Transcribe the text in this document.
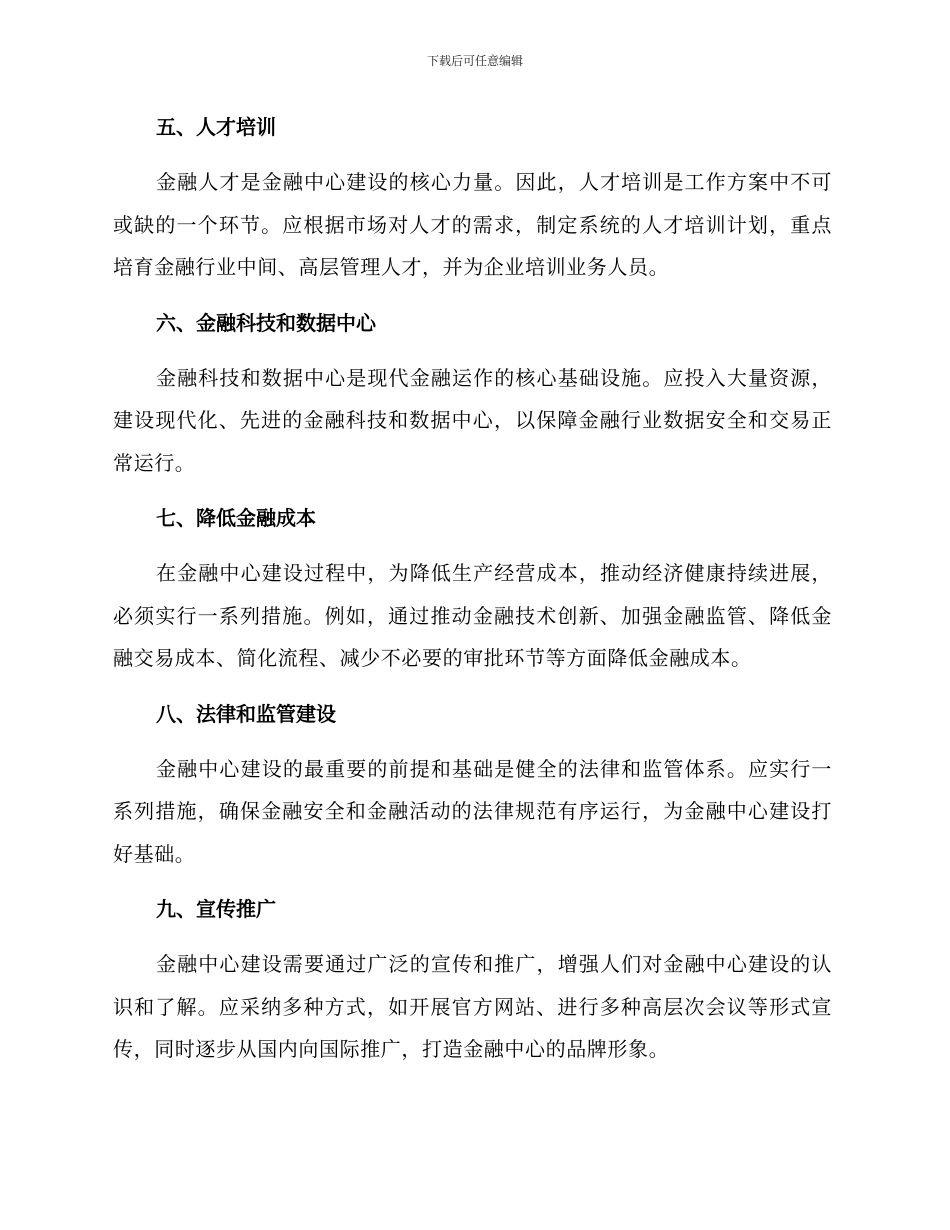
下载后可任意编辑
五、人才培训

金融人才是金融中心建设的核心力量。因此，人才培训是工作方案中不可或缺的一个环节。应根据市场对人才的需求，制定系统的人才培训计划，重点培育金融行业中间、高层管理人才，并为企业培训业务人员。

六、金融科技和数据中心

金融科技和数据中心是现代金融运作的核心基础设施。应投入大量资源，建设现代化、先进的金融科技和数据中心，以保障金融行业数据安全和交易正常运行。

七、降低金融成本

在金融中心建设过程中，为降低生产经营成本，推动经济健康持续进展，必须实行一系列措施。例如，通过推动金融技术创新、加强金融监管、降低金融交易成本、简化流程、减少不必要的审批环节等方面降低金融成本。

八、法律和监管建设

金融中心建设的最重要的前提和基础是健全的法律和监管体系。应实行一系列措施，确保金融安全和金融活动的法律规范有序运行，为金融中心建设打好基础。

九、宣传推广

金融中心建设需要通过广泛的宣传和推广，增强人们对金融中心建设的认识和了解。应采纳多种方式，如开展官方网站、进行多种高层次会议等形式宣传，同时逐步从国内向国际推广，打造金融中心的品牌形象。
